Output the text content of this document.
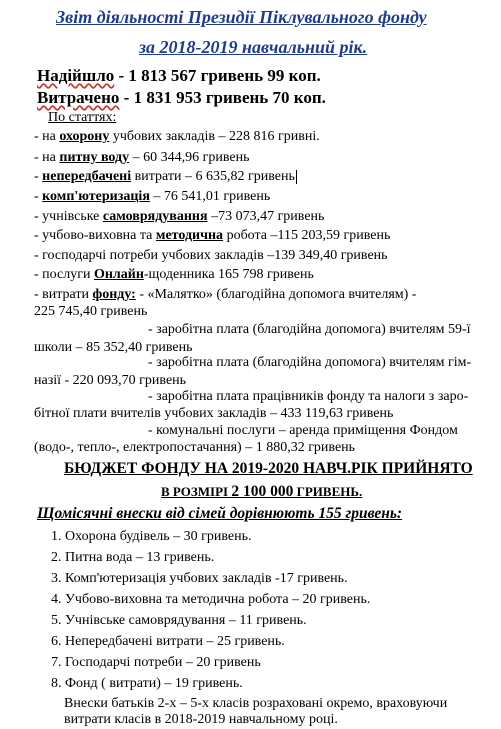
Звіт діяльності Президії Піклувального фонду
за 2018-2019 навчальний рік.
Надійшло - 1 813 567 гривень 99 коп.
Витрачено - 1 831 953 гривень 70 коп.
По статтях:
- на охорону учбових закладів – 228 816 гривні.
- на питну воду – 60 344,96 гривень
- непередбачені витрати – 6 635,82 гривень
- комп'ютеризація – 76 541,01 гривень
- учнівське самоврядування –73 073,47 гривень
- учбово-виховна та методична робота –115 203,59 гривень
- господарчі потреби учбових закладів –139 349,40 гривень
- послуги Онлайн-щоденника 165 798 гривень
- витрати фонду: - «Малятко» (благодійна допомога вчителям) -
225 745,40 гривень
- заробітна плата (благодійна допомога) вчителям 59-ї
школи – 85 352,40 гривень
- заробітна плата (благодійна допомога) вчителям гім-
назії - 220 093,70 гривень
- заробітна плата працівників фонду та налоги з заро-
бітної плати вчителів учбових закладів – 433 119,63 гривень
- комунальні послуги – аренда приміщення Фондом
(водо-, тепло-, електропостачання) – 1 880,32 гривень
БЮДЖЕТ ФОНДУ НА 2019-2020 НАВЧ.РІК ПРИЙНЯТО
В РОЗМІРІ 2 100 000 ГРИВЕНЬ.
Щомісячні внески від сімей дорівнюють 155 гривень:
1. Охорона будівель – 30 гривень.
2. Питна вода – 13 гривень.
3. Комп'ютеризація учбових закладів -17 гривень.
4. Учбово-виховна та методична робота – 20 гривень.
5. Учнівське самоврядування – 11 гривень.
6. Непередбачені витрати – 25 гривень.
7. Господарчі потреби – 20 гривень
8. Фонд ( витрати) – 19 гривень.
Внески батьків 2-х – 5-х класів розраховані окремо, враховуючи
витрати класів в 2018-2019 навчальному році.
